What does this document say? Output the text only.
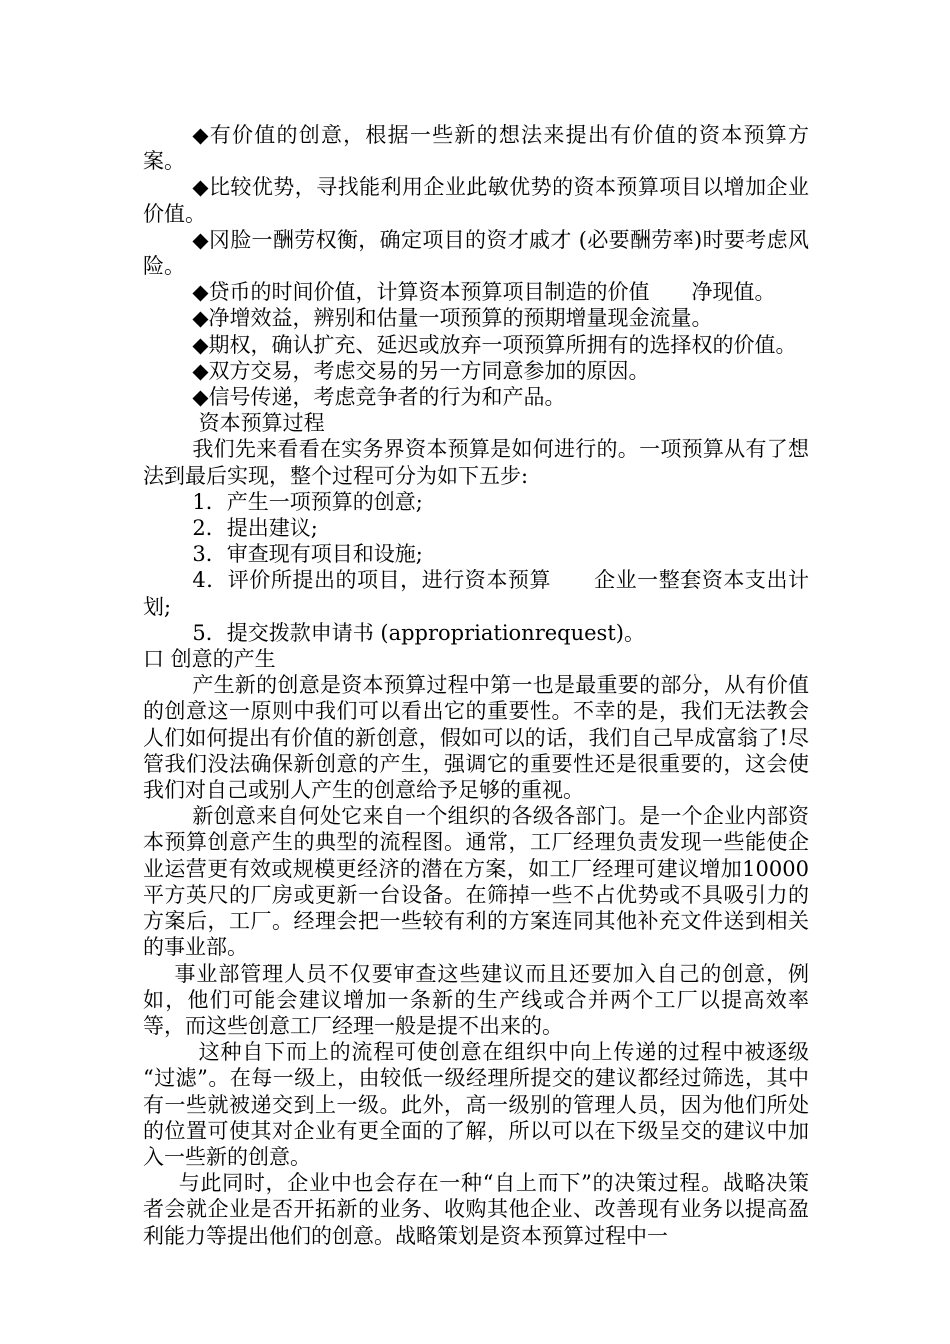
◆有价值的创意，根据一些新的想法来提出有价值的资本预算方案。

◆比较优势，寻找能利用企业此敏优势的资本预算项目以增加企业价值。

◆冈脸一酬劳权衡，确定项目的资才戚才 (必要酬劳率)时要考虑风险。

◆贷币的时间价值，计算资本预算项目制造的价值　　净现值。

◆净增效益，辨别和估量一项预算的预期增量现金流量。

◆期权，确认扩充、延迟或放弃一项预算所拥有的选择权的价值。

◆双方交易，考虑交易的另一方同意参加的原因。

◆信号传递，考虑竞争者的行为和产品。

资本预算过程

我们先来看看在实务界资本预算是如何进行的。一项预算从有了想法到最后实现，整个过程可分为如下五步:

1．产生一项预算的创意;

2．提出建议;

3．审查现有项目和设施;

4．评价所提出的项目，进行资本预算　　企业一整套资本支出计划;

5．提交拨款申请书 (appropriationrequest)。

口 创意的产生

产生新的创意是资本预算过程中第一也是最重要的部分，从有价值的创意这一原则中我们可以看出它的重要性。不幸的是，我们无法教会人们如何提出有价值的新创意，假如可以的话，我们自己早成富翁了!尽管我们没法确保新创意的产生，强调它的重要性还是很重要的，这会使我们对自己或别人产生的创意给予足够的重视。

新创意来自何处它来自一个组织的各级各部门。是一个企业内部资本预算创意产生的典型的流程图。通常，工厂经理负责发现一些能使企业运营更有效或规模更经济的潜在方案，如工厂经理可建议增加10000平方英尺的厂房或更新一台设备。在筛掉一些不占优势或不具吸引力的方案后，工厂。经理会把一些较有利的方案连同其他补充文件送到相关的事业部。

事业部管理人员不仅要审查这些建议而且还要加入自己的创意，例如，他们可能会建议增加一条新的生产线或合并两个工厂以提高效率等，而这些创意工厂经理一般是提不出来的。

这种自下而上的流程可使创意在组织中向上传递的过程中被逐级 “过滤”。在每一级上，由较低一级经理所提交的建议都经过筛选，其中有一些就被递交到上一级。此外，高一级别的管理人员，因为他们所处的位置可使其对企业有更全面的了解，所以可以在下级呈交的建议中加入一些新的创意。

与此同时，企业中也会存在一种“自上而下”的决策过程。战略决策者会就企业是否开拓新的业务、收购其他企业、改善现有业务以提高盈利能力等提出他们的创意。战略策划是资本预算过程中一
